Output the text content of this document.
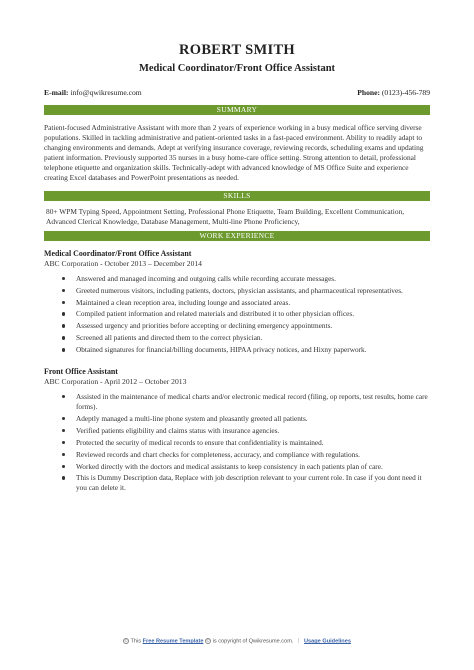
ROBERT SMITH
Medical Coordinator/Front Office Assistant
E-mail: info@qwikresume.com	Phone: (0123)-456-789
SUMMARY

Patient-focused Administrative Assistant with more than 2 years of experience working in a busy medical office serving diverse populations. Skilled in tackling administrative and patient-oriented tasks in a fast-paced environment. Ability to readily adapt to changing environments and demands. Adept at verifying insurance coverage, reviewing records, scheduling exams and updating patient information. Previously supported 35 nurses in a busy home-care office setting. Strong attention to detail, professional telephone etiquette and organization skills. Technically-adept with advanced knowledge of MS Office Suite and experience creating Excel databases and PowerPoint presentations as needed.

SKILLS

80+ WPM Typing Speed, Appointment Setting, Professional Phone Etiquette, Team Building, Excellent Communication, Advanced Clerical Knowledge, Database Management, Multi-line Phone Proficiency,

WORK EXPERIENCE
Medical Coordinator/Front Office Assistant
ABC Corporation - October 2013 – December 2014
Answered and managed incoming and outgoing calls while recording accurate messages.
Greeted numerous visitors, including patients, doctors, physician assistants, and pharmaceutical representatives.
Maintained a clean reception area, including lounge and associated areas.
Compiled patient information and related materials and distributed it to other physician offices.
Assessed urgency and priorities before accepting or declining emergency appointments.
Screened all patients and directed them to the correct physician.
Obtained signatures for financial/billing documents, HIPAA privacy notices, and Hixny paperwork.
Front Office Assistant
ABC Corporation - April 2012 – October 2013
Assisted in the maintenance of medical charts and/or electronic medical record (filing, op reports, test results, home care forms).
Adeptly managed a multi-line phone system and pleasantly greeted all patients.
Verified patients eligibility and claims status with insurance agencies.
Protected the security of medical records to ensure that confidentiality is maintained.
Reviewed records and chart checks for completeness, accuracy, and compliance with regulations.
Worked directly with the doctors and medical assistants to keep consistency in each patients plan of care.
This is Dummy Description data, Replace with job description relevant to your current role. In case if you dont need it you can delete it.
© This Free Resume Template © is copyright of Qwikresume.com. | Usage Guidelines
